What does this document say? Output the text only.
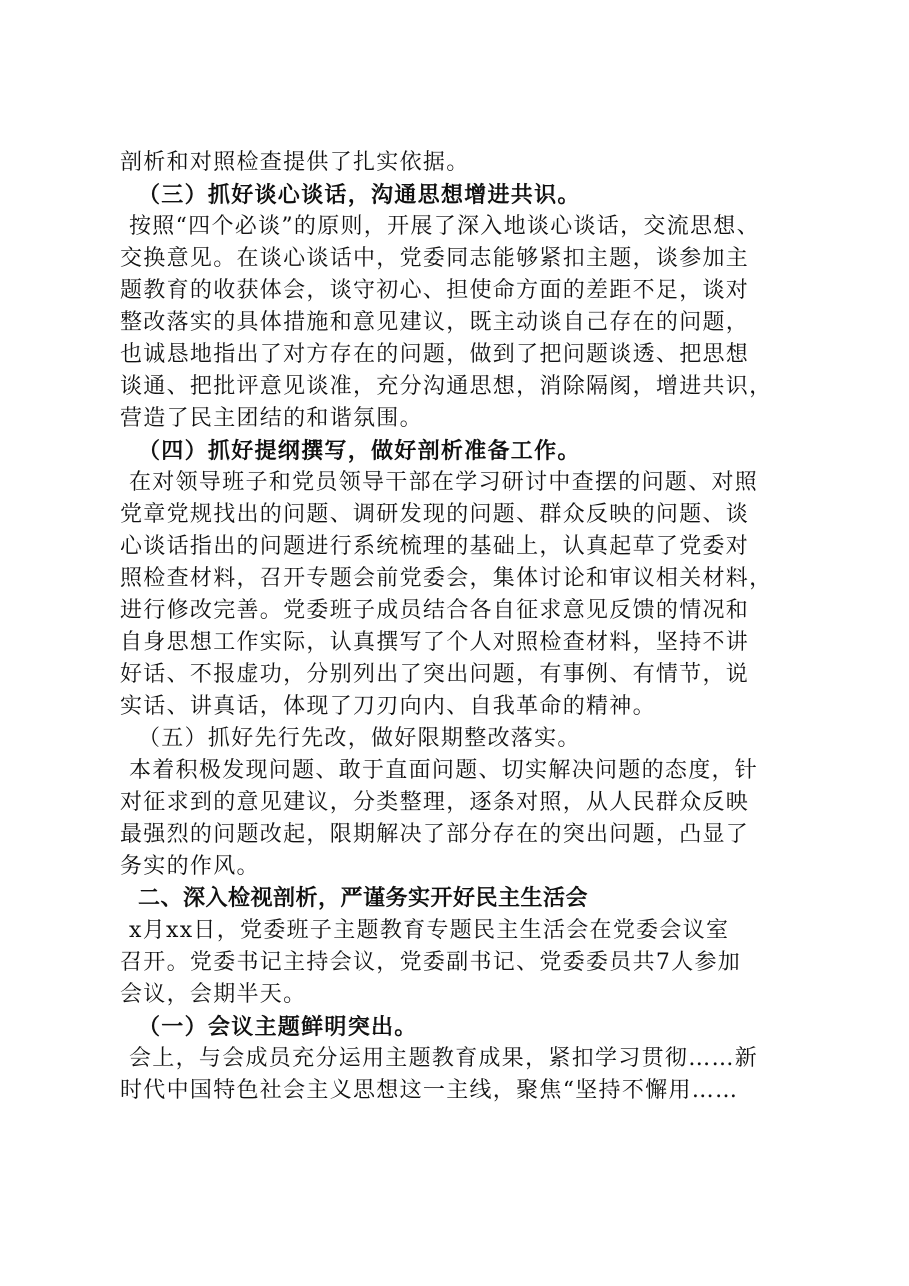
剖析和对照检查提供了扎实依据。
（三）抓好谈心谈话，沟通思想增进共识。
按照“四个必谈”的原则，开展了深入地谈心谈话，交流思想、
交换意见。在谈心谈话中，党委同志能够紧扣主题，谈参加主
题教育的收获体会，谈守初心、担使命方面的差距不足，谈对
整改落实的具体措施和意见建议，既主动谈自己存在的问题，
也诚恳地指出了对方存在的问题，做到了把问题谈透、把思想
谈通、把批评意见谈准，充分沟通思想，消除隔阂，增进共识，
营造了民主团结的和谐氛围。
（四）抓好提纲撰写，做好剖析准备工作。
在对领导班子和党员领导干部在学习研讨中查摆的问题、对照
党章党规找出的问题、调研发现的问题、群众反映的问题、谈
心谈话指出的问题进行系统梳理的基础上，认真起草了党委对
照检查材料，召开专题会前党委会，集体讨论和审议相关材料，
进行修改完善。党委班子成员结合各自征求意见反馈的情况和
自身思想工作实际，认真撰写了个人对照检查材料，坚持不讲
好话、不报虚功，分别列出了突出问题，有事例、有情节，说
实话、讲真话，体现了刀刃向内、自我革命的精神。
（五）抓好先行先改，做好限期整改落实。
本着积极发现问题、敢于直面问题、切实解决问题的态度，针
对征求到的意见建议，分类整理，逐条对照，从人民群众反映
最强烈的问题改起，限期解决了部分存在的突出问题，凸显了
务实的作风。
二、深入检视剖析，严谨务实开好民主生活会
x月xx日，党委班子主题教育专题民主生活会在党委会议室
召开。党委书记主持会议，党委副书记、党委委员共7人参加
会议，会期半天。
（一）会议主题鲜明突出。
会上，与会成员充分运用主题教育成果，紧扣学习贯彻……新
时代中国特色社会主义思想这一主线，聚焦“坚持不懈用……
